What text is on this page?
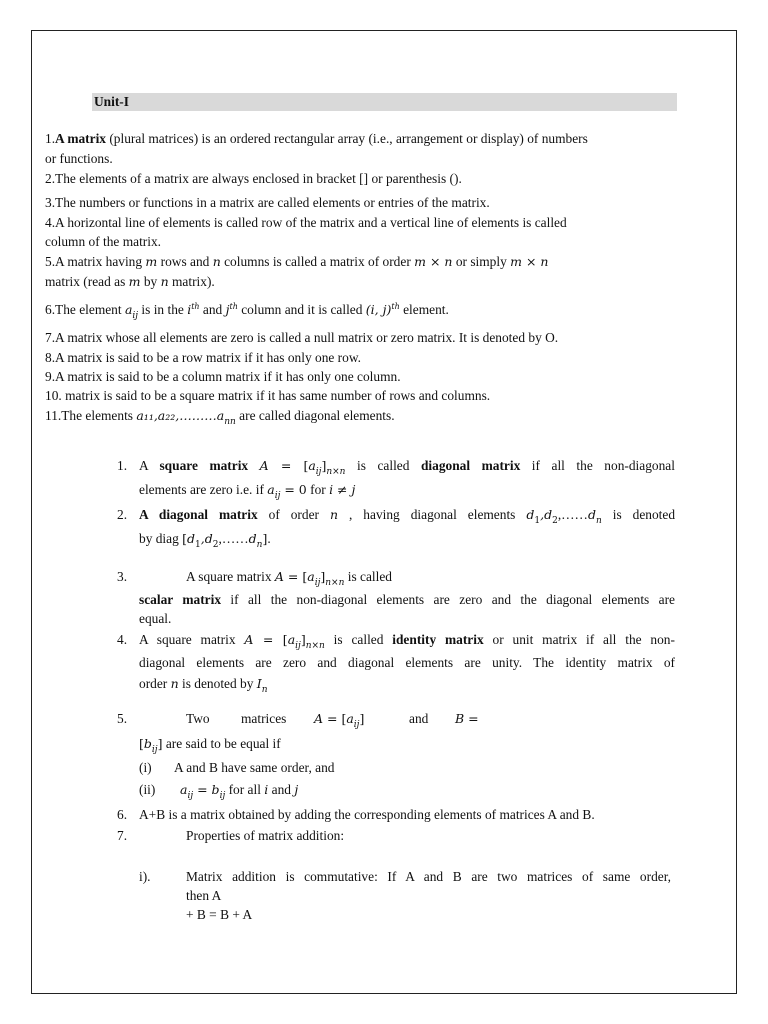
Unit-I
1.A matrix (plural matrices) is an ordered rectangular array (i.e., arrangement or display) of numbers
or functions.
2.The elements of a matrix are always enclosed in bracket [] or parenthesis ().
3.The numbers or functions in a matrix are called elements or entries of the matrix.
4.A horizontal line of elements is called row of the matrix and a vertical line of elements is called
column of the matrix.
5.A matrix having m rows and n columns is called a matrix of order m × n or simply m × n
matrix (read as m by n matrix).
6.The element $a_{ij}$ is in the $i^{th}$ and $j^{th}$ column and it is called (i, j)$^{th}$ element.
7.A matrix whose all elements are zero is called a null matrix or zero matrix. It is denoted by O.
8.A matrix is said to be a row matrix if it has only one row.
9.A matrix is said to be a column matrix if it has only one column.
10. matrix is said to be a square matrix if it has same number of rows and columns.
11.The elements $a_{11},a_{22},\dots\dots\dots a_{nn}$ are called diagonal elements.
1. A square matrix $A = [a_{ij}]_{n\times n}$ is called diagonal matrix if all the non-diagonal
elements are zero i.e. if $a_{ij} = 0$ for i ≠ j
2. A diagonal matrix of order n , having diagonal elements $d_1,d_2,\dots\dots d_n$ is denoted
by diag $[d_1,d_2,\dots\dots d_n]$.
3.	A square matrix $A = [a_{ij}]_{n\times n}$ is called
scalar matrix if all the non-diagonal elements are zero and the diagonal elements are
equal.
4. A square matrix $A = [a_{ij}]_{n\times n}$ is called identity matrix or unit matrix if all the non-
diagonal elements are zero and diagonal elements are unity. The identity matrix of
order n is denoted by $I_n$
5.	Two matrices $A = [a_{ij}]$	and B =
$[b_{ij}]$ are said to be equal if
(i) A and B have same order, and
(ii) $a_{ij} = b_{ij}$ for all i and j
6. A+B is a matrix obtained by adding the corresponding elements of matrices A and B.
7.	Properties of matrix addition:
i).	Matrix addition is commutative: If A and B are two matrices of same order,
then A
+ B = B + A
